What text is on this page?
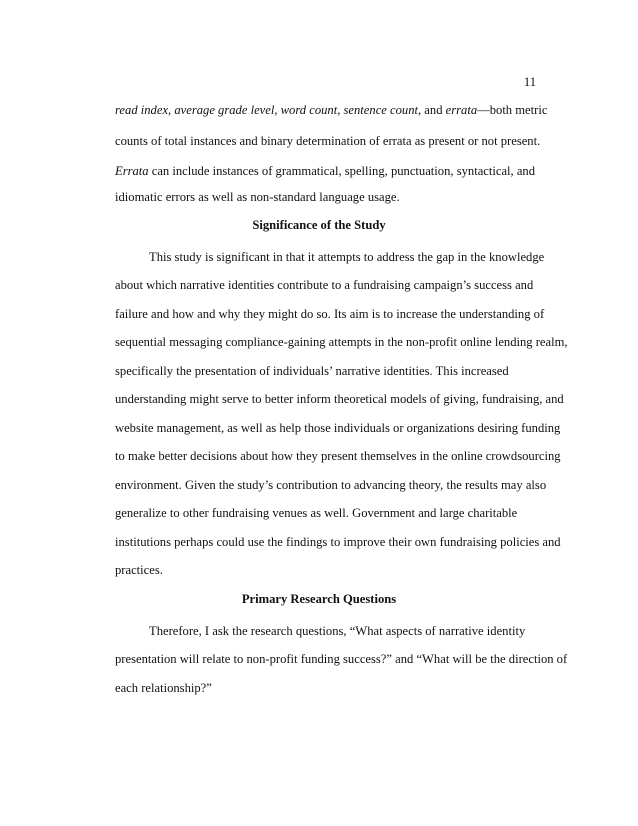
11
read index, average grade level, word count, sentence count, and errata—both metric
counts of total instances and binary determination of errata as present or not present.
Errata can include instances of grammatical, spelling, punctuation, syntactical, and
idiomatic errors as well as non-standard language usage.
Significance of the Study
This study is significant in that it attempts to address the gap in the knowledge
about which narrative identities contribute to a fundraising campaign’s success and
failure and how and why they might do so. Its aim is to increase the understanding of
sequential messaging compliance-gaining attempts in the non-profit online lending realm,
specifically the presentation of individuals’ narrative identities. This increased
understanding might serve to better inform theoretical models of giving, fundraising, and
website management, as well as help those individuals or organizations desiring funding
to make better decisions about how they present themselves in the online crowdsourcing
environment. Given the study’s contribution to advancing theory, the results may also
generalize to other fundraising venues as well. Government and large charitable
institutions perhaps could use the findings to improve their own fundraising policies and
practices.
Primary Research Questions
Therefore, I ask the research questions, “What aspects of narrative identity
presentation will relate to non-profit funding success?” and “What will be the direction of
each relationship?”
